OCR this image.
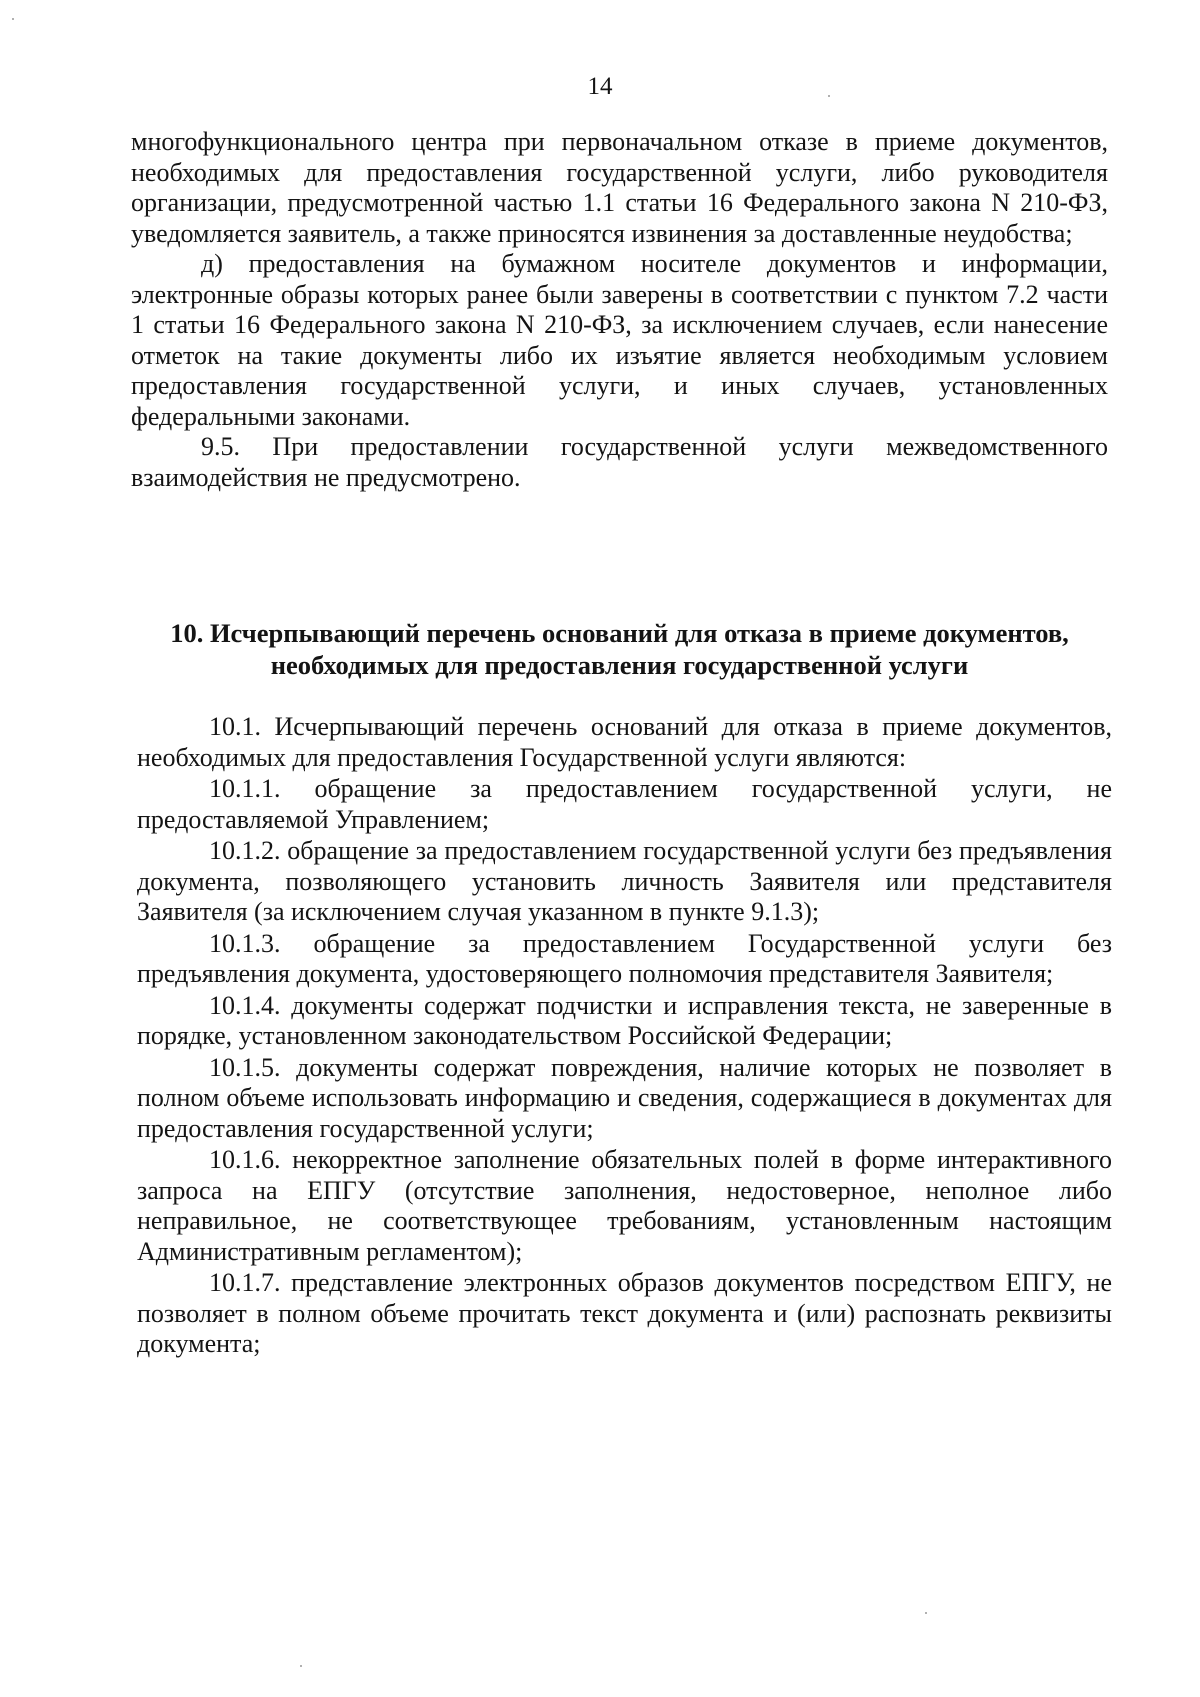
14

многофункционального центра при первоначальном отказе в приеме документов, необходимых для предоставления государственной услуги, либо руководителя организации, предусмотренной частью 1.1 статьи 16 Федерального закона N 210-ФЗ, уведомляется заявитель, а также приносятся извинения за доставленные неудобства;

д) предоставления на бумажном носителе документов и информации, электронные образы которых ранее были заверены в соответствии с пунктом 7.2 части 1 статьи 16 Федерального закона N 210-ФЗ, за исключением случаев, если нанесение отметок на такие документы либо их изъятие является необходимым условием предоставления государственной услуги, и иных случаев, установленных федеральными законами.

9.5. При предоставлении государственной услуги межведомственного взаимодействия не предусмотрено.

10. Исчерпывающий перечень оснований для отказа в приеме документов,
необходимых для предоставления государственной услуги

10.1. Исчерпывающий перечень оснований для отказа в приеме документов, необходимых для предоставления Государственной услуги являются:

10.1.1. обращение за предоставлением государственной услуги, не предоставляемой Управлением;

10.1.2. обращение за предоставлением государственной услуги без предъявления документа, позволяющего установить личность Заявителя или представителя Заявителя (за исключением случая указанном в пункте 9.1.3);

10.1.3. обращение за предоставлением Государственной услуги без предъявления документа, удостоверяющего полномочия представителя Заявителя;

10.1.4. документы содержат подчистки и исправления текста, не заверенные в порядке, установленном законодательством Российской Федерации;

10.1.5. документы содержат повреждения, наличие которых не позволяет в полном объеме использовать информацию и сведения, содержащиеся в документах для предоставления государственной услуги;

10.1.6. некорректное заполнение обязательных полей в форме интерактивного запроса на ЕПГУ (отсутствие заполнения, недостоверное, неполное либо неправильное, не соответствующее требованиям, установленным настоящим Административным регламентом);

10.1.7. представление электронных образов документов посредством ЕПГУ, не позволяет в полном объеме прочитать текст документа и (или) распознать реквизиты документа;
